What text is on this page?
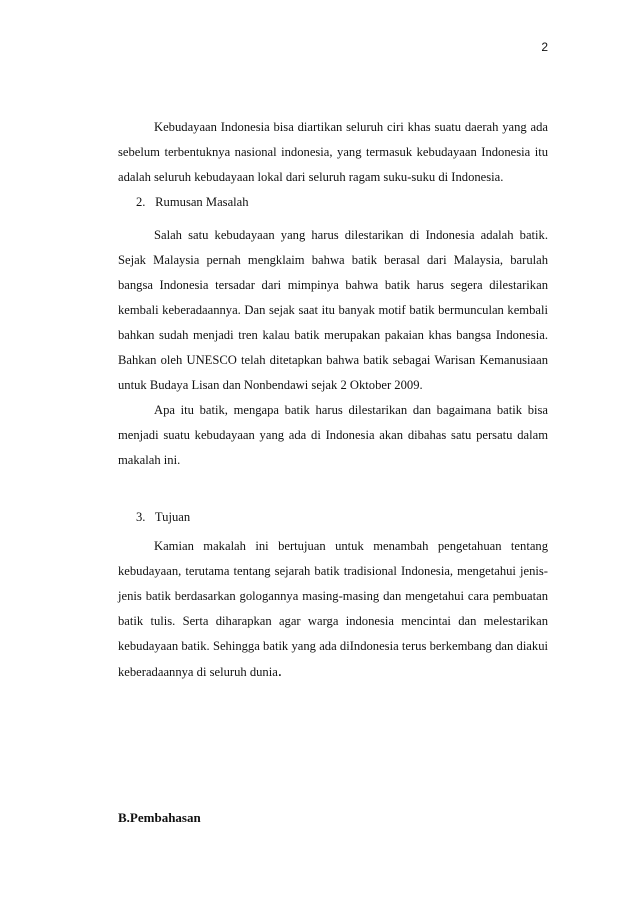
2

Kebudayaan Indonesia bisa diartikan seluruh ciri khas suatu daerah yang ada sebelum terbentuknya nasional indonesia, yang termasuk kebudayaan Indonesia itu adalah seluruh kebudayaan lokal dari seluruh ragam suku-suku di Indonesia.

2. Rumusan Masalah

Salah satu kebudayaan yang harus dilestarikan di Indonesia adalah batik. Sejak Malaysia pernah mengklaim bahwa batik berasal dari Malaysia, barulah bangsa Indonesia tersadar dari mimpinya bahwa batik harus segera dilestarikan kembali keberadaannya. Dan sejak saat itu banyak motif batik bermunculan kembali bahkan sudah menjadi tren kalau batik merupakan pakaian khas bangsa Indonesia. Bahkan oleh UNESCO telah ditetapkan bahwa batik sebagai Warisan Kemanusiaan untuk Budaya Lisan dan Nonbendawi sejak 2 Oktober 2009.

Apa itu batik, mengapa batik harus dilestarikan dan bagaimana batik bisa menjadi suatu kebudayaan yang ada di Indonesia akan dibahas satu persatu dalam makalah ini.

3. Tujuan

Kamian makalah ini bertujuan untuk menambah pengetahuan tentang kebudayaan, terutama tentang sejarah batik tradisional Indonesia, mengetahui jenis-jenis batik berdasarkan gologannya masing-masing dan mengetahui cara pembuatan batik tulis. Serta diharapkan agar warga indonesia mencintai dan melestarikan kebudayaan batik. Sehingga batik yang ada diIndonesia terus berkembang dan diakui keberadaannya di seluruh dunia.

B.Pembahasan
